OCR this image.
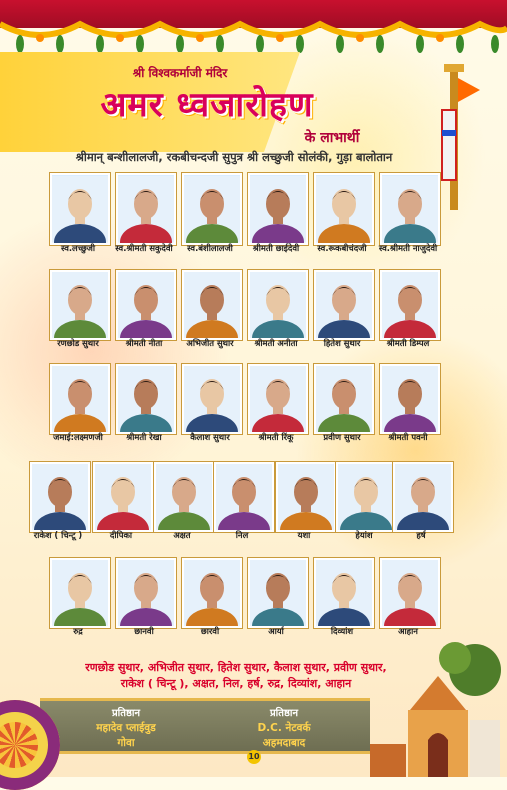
श्री विश्वकर्माजी मंदिर
अमर ध्वजारोहण
के लाभार्थी
श्रीमान् बन्शीलालजी, रकबीचन्दजी सुपुत्र श्री लच्छुजी सोलंकी, गुड़ा बालोतान
स्व.लच्छुजी	स्व.श्रीमती सकुदेवी	स्व.बंशीलालजी	श्रीमती छाईदेवी	स्व.रूकबीचंदजी	स्व.श्रीमती नाजुदेवी
रणछोड सुथार	श्रीमती नीता	अभिजीत सुथार	श्रीमती अनीता	हितेश सुथार	श्रीमती डिम्पल
जमाई:लक्ष्मणजी	श्रीमती रेखा	कैलाश सुथार	श्रीमती रिंकू	प्रवीण सुथार	श्रीमती पवनी
राकेश ( चिन्टू )	दीपिका	अक्षत	निल	यशा	हेयांश	हर्ष
रुद्र	छानवी	छारवी	आर्या	दिव्यांश	आहान
रणछोड सुथार, अभिजीत सुथार, हितेश सुथार, कैलाश सुथार, प्रवीण सुथार,
राकेश ( चिन्टू ), अक्षत, निल, हर्ष, रुद्र, दिव्यांश, आहान
प्रतिष्ठान
महादेव प्लाईवुड
गोवा
प्रतिष्ठान
D.C. नेटवर्क
अहमदाबाद
10
